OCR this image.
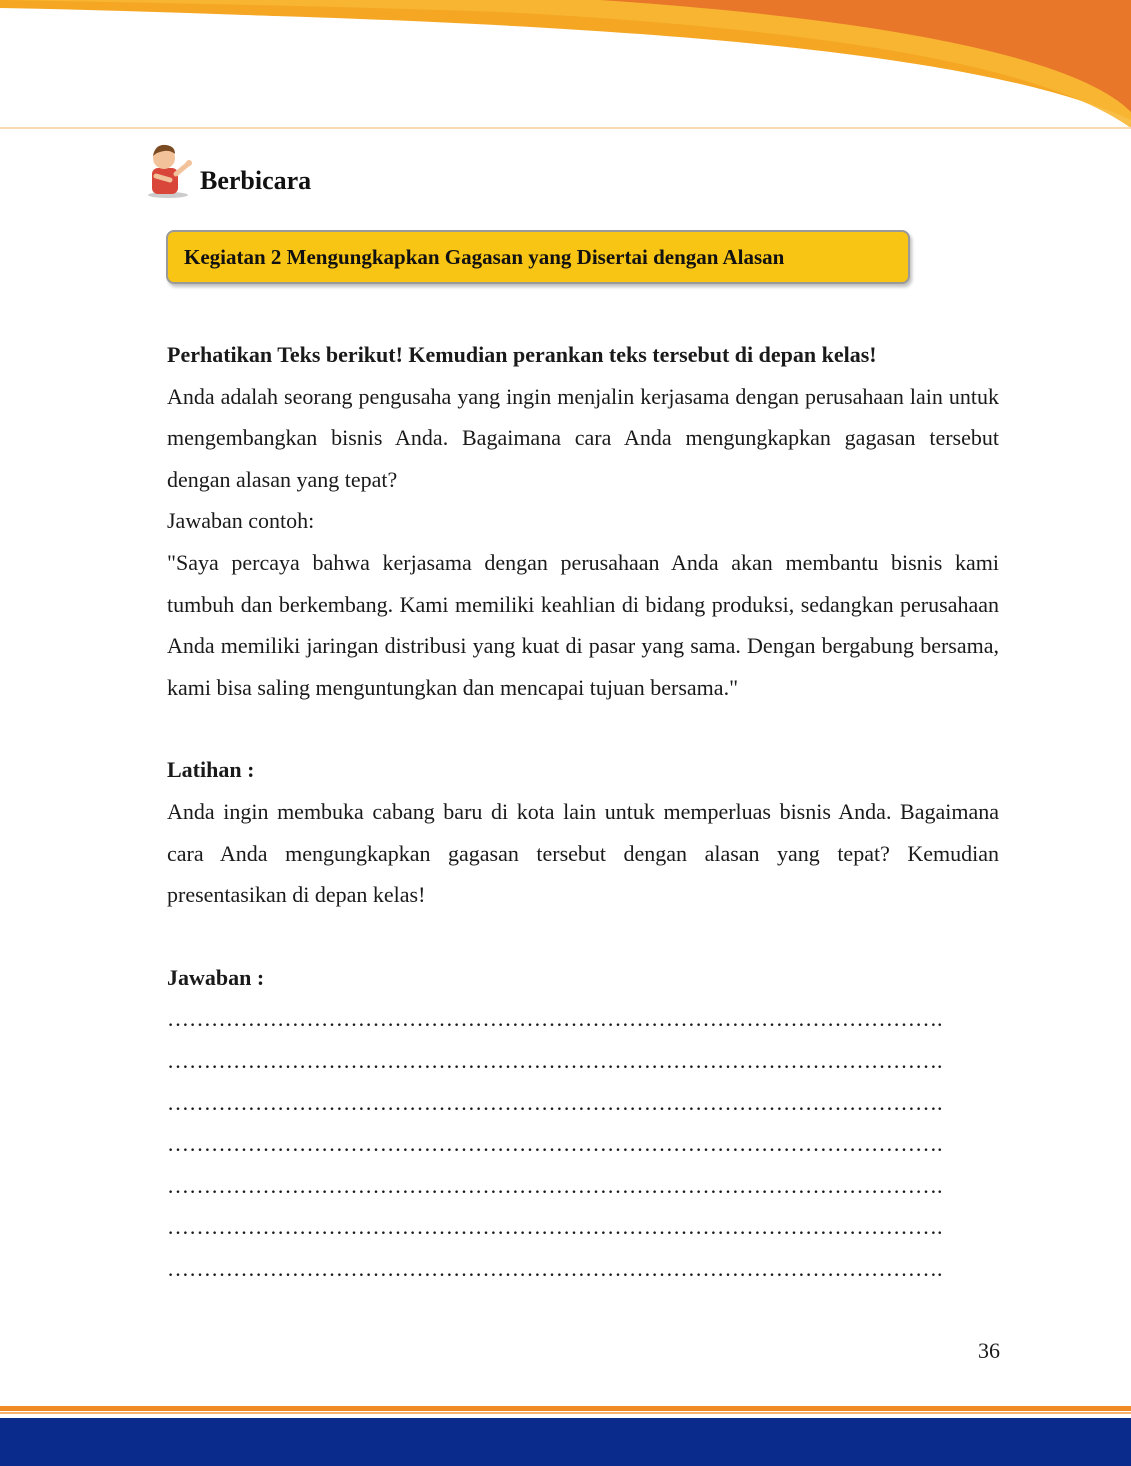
Berbicara
Kegiatan 2 Mengungkapkan Gagasan yang Disertai dengan Alasan

Perhatikan Teks berikut! Kemudian perankan teks tersebut di depan kelas!

Anda adalah seorang pengusaha yang ingin menjalin kerjasama dengan perusahaan lain untuk mengembangkan bisnis Anda. Bagaimana cara Anda mengungkapkan gagasan tersebut dengan alasan yang tepat?

Jawaban contoh:

"Saya percaya bahwa kerjasama dengan perusahaan Anda akan membantu bisnis kami tumbuh dan berkembang. Kami memiliki keahlian di bidang produksi, sedangkan perusahaan Anda memiliki jaringan distribusi yang kuat di pasar yang sama. Dengan bergabung bersama, kami bisa saling menguntungkan dan mencapai tujuan bersama."

Latihan :

Anda ingin membuka cabang baru di kota lain untuk memperluas bisnis Anda. Bagaimana cara Anda mengungkapkan gagasan tersebut dengan alasan yang tepat? Kemudian presentasikan di depan kelas!

Jawaban :

…………………………………………………………………………………………….

…………………………………………………………………………………………….

…………………………………………………………………………………………….

…………………………………………………………………………………………….

…………………………………………………………………………………………….

…………………………………………………………………………………………….

…………………………………………………………………………………………….

36
